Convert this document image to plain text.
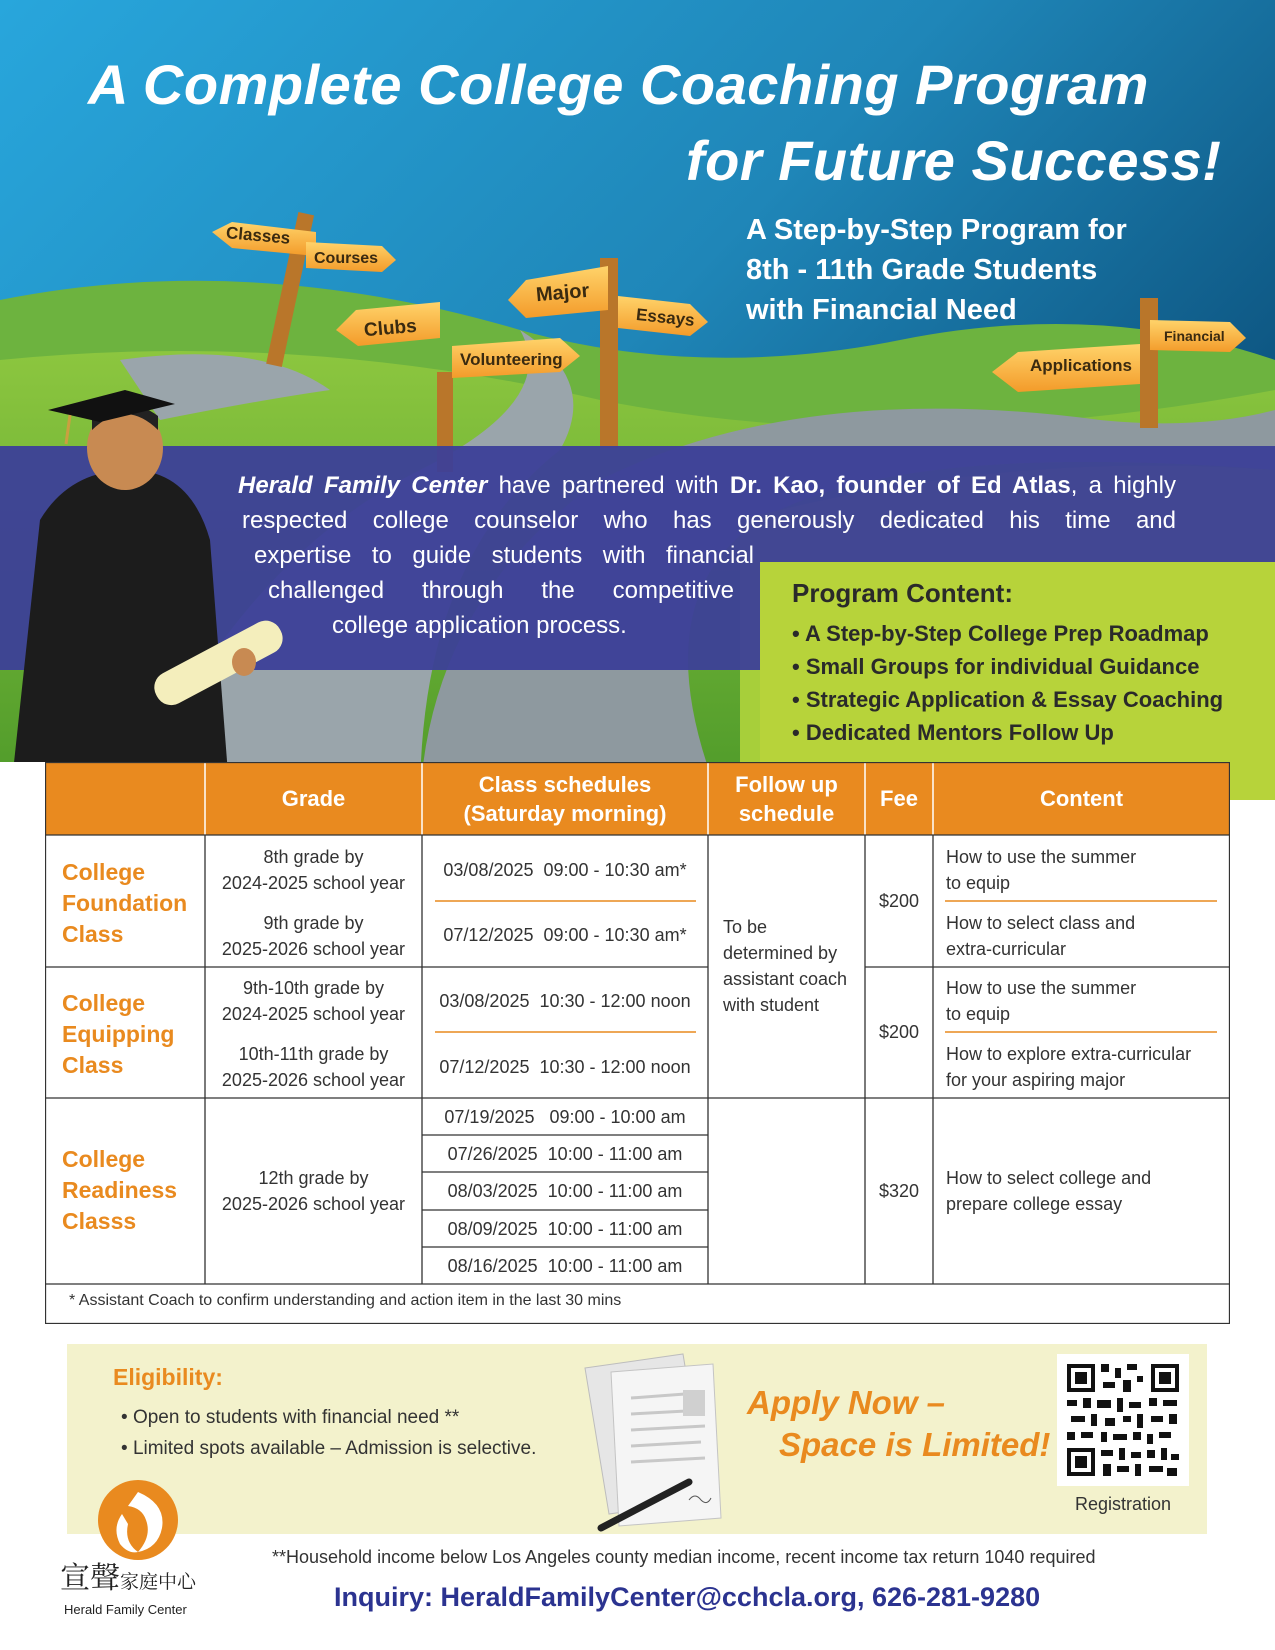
A Complete College Coaching Program
for Future Success!
A Step-by-Step Program for
8th - 11th Grade Students
with Financial Need
Classes
Courses
Clubs
Volunteering
Major
Essays
Applications
Financial
Herald Family Center have partnered with Dr. Kao, founder of Ed Atlas, a highly
respected college counselor who has generously dedicated his time and
expertise to guide students with financial
challenged through the competitive
college application process.
Program Content:
• A Step-by-Step College Prep Roadmap
• Small Groups for individual Guidance
• Strategic Application & Essay Coaching
• Dedicated Mentors Follow Up
Grade
Class schedules
(Saturday morning)
Follow up
schedule
Fee	Content
College
Foundation
Class
8th grade by
2024-2025 school year
9th grade by
2025-2026 school year
03/08/2025  09:00 - 10:30 am*
07/12/2025  09:00 - 10:30 am*
$200
How to use the summer
to equip
How to select class and
extra-curricular
To be
determined by
assistant coach
with student
College
Equipping
Class
9th-10th grade by
2024-2025 school year
10th-11th grade by
2025-2026 school year
03/08/2025  10:30 - 12:00 noon
07/12/2025  10:30 - 12:00 noon
$200
How to use the summer
to equip
How to explore extra-curricular
for your aspiring major
College
Readiness
Classs
12th grade by
2025-2026 school year
07/19/2025   09:00 - 10:00 am
07/26/2025  10:00 - 11:00 am
08/03/2025  10:00 - 11:00 am
08/09/2025  10:00 - 11:00 am
08/16/2025  10:00 - 11:00 am
$320
How to select college and
prepare college essay
* Assistant Coach to confirm understanding and action item in the last 30 mins
Eligibility:
• Open to students with financial need **
• Limited spots available – Admission is selective.
Apply Now –
Space is Limited!
Registration
宣聲家庭中心
Herald Family Center
**Household income below Los Angeles county median income, recent income tax return 1040 required
Inquiry: HeraldFamilyCenter@cchcla.org, 626-281-9280
